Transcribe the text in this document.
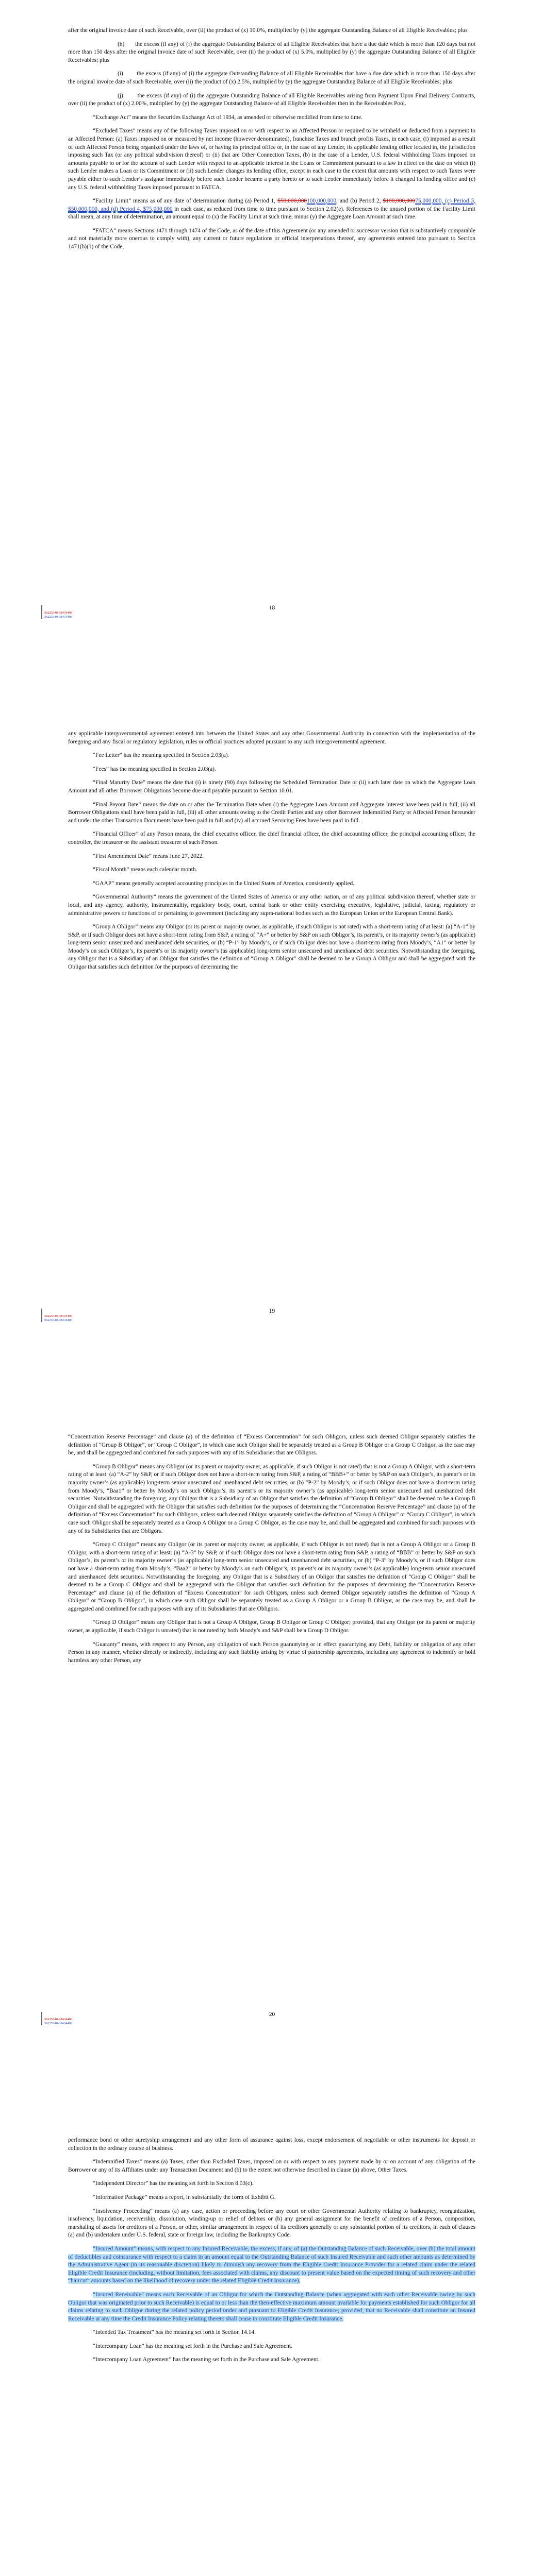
after the original invoice date of such Receivable, over (ii) the product of (x) 10.0%, multiplied by (y) the aggregate Outstanding Balance of all Eligible Receivables; plus

(h)       the excess (if any) of (i) the aggregate Outstanding Balance of all Eligible Receivables that have a due date which is more than 120 days but not more than 150 days after the original invoice date of such Receivable, over (ii) the product of (x) 5.0%, multiplied by (y) the aggregate Outstanding Balance of all Eligible Receivables; plus

(i)        the excess (if any) of (i) the aggregate Outstanding Balance of all Eligible Receivables that have a due date which is more than 150 days after the original invoice date of such Receivable, over (ii) the product of (x) 2.5%, multiplied by (y) the aggregate Outstanding Balance of all Eligible Receivables; plus

(j)        the excess (if any) of (i) the aggregate Outstanding Balance of all Eligible Receivables arising from Payment Upon Final Delivery Contracts, over (ii) the product of (x) 2.00%, multiplied by (y) the aggregate Outstanding Balance of all Eligible Receivables then in the Receivables Pool.

“Exchange Act” means the Securities Exchange Act of 1934, as amended or otherwise modified from time to time.

“Excluded Taxes” means any of the following Taxes imposed on or with respect to an Affected Person or required to be withheld or deducted from a payment to an Affected Person: (a) Taxes imposed on or measured by net income (however denominated), franchise Taxes and branch profits Taxes, in each case, (i) imposed as a result of such Affected Person being organized under the laws of, or having its principal office or, in the case of any Lender, its applicable lending office located in, the jurisdiction imposing such Tax (or any political subdivision thereof) or (ii) that are Other Connection Taxes, (b) in the case of a Lender, U.S. federal withholding Taxes imposed on amounts payable to or for the account of such Lender with respect to an applicable interest in the Loans or Commitment pursuant to a law in effect on the date on which (i) such Lender makes a Loan or its Commitment or (ii) such Lender changes its lending office, except in each case to the extent that amounts with respect to such Taxes were payable either to such Lender’s assignor immediately before such Lender became a party hereto or to such Lender immediately before it changed its lending office and (c) any U.S. federal withholding Taxes imposed pursuant to FATCA.

“Facility Limit” means as of any date of determination during (a) Period 1, $50,000,000100,000,000, and (b) Period 2, $100,000,00075,000,000, (c) Period 3, $50,000,000, and (d) Period 4, $75,000,000 in each case, as reduced from time to time pursuant to Section 2.02(e). References to the unused portion of the Facility Limit shall mean, at any time of determination, an amount equal to (x) the Facility Limit at such time, minus (y) the Aggregate Loan Amount at such time.

“FATCA” means Sections 1471 through 1474 of the Code, as of the date of this Agreement (or any amended or successor version that is substantively comparable and not materially more onerous to comply with), any current or future regulations or official interpretations thereof, any agreements entered into pursuant to Section 1471(b)(1) of the Code,

18
56225340-08434408
56225340-08434408

any applicable intergovernmental agreement entered into between the United States and any other Governmental Authority in connection with the implementation of the foregoing and any fiscal or regulatory legislation, rules or official practices adopted pursuant to any such intergovernmental agreement.

“Fee Letter” has the meaning specified in Section 2.03(a).

“Fees” has the meaning specified in Section 2.03(a).

“Final Maturity Date” means the date that (i) is ninety (90) days following the Scheduled Termination Date or (ii) such later date on which the Aggregate Loan Amount and all other Borrower Obligations become due and payable pursuant to Section 10.01.

“Final Payout Date” means the date on or after the Termination Date when (i) the Aggregate Loan Amount and Aggregate Interest have been paid in full, (ii) all Borrower Obligations shall have been paid in full, (iii) all other amounts owing to the Credit Parties and any other Borrower Indemnified Party or Affected Person hereunder and under the other Transaction Documents have been paid in full and (iv) all accrued Servicing Fees have been paid in full.

“Financial Officer” of any Person means, the chief executive officer, the chief financial officer, the chief accounting officer, the principal accounting officer, the controller, the treasurer or the assistant treasurer of such Person.

“First Amendment Date” means June 27, 2022.

“Fiscal Month” means each calendar month.

“GAAP” means generally accepted accounting principles in the United States of America, consistently applied.

“Governmental Authority” means the government of the United States of America or any other nation, or of any political subdivision thereof, whether state or local, and any agency, authority, instrumentality, regulatory body, court, central bank or other entity exercising executive, legislative, judicial, taxing, regulatory or administrative powers or functions of or pertaining to government (including any supra-national bodies such as the European Union or the European Central Bank).

“Group A Obligor” means any Obligor (or its parent or majority owner, as applicable, if such Obligor is not rated) with a short-term rating of at least: (a) “A-1” by S&P, or if such Obligor does not have a short-term rating from S&P, a rating of “A+” or better by S&P on such Obligor’s, its parent’s, or its majority owner’s (as applicable) long-term senior unsecured and unenhanced debt securities, or (b) “P-1” by Moody’s, or if such Obligor does not have a short-term rating from Moody’s, “A1” or better by Moody’s on such Obligor’s, its parent’s or its majority owner’s (as applicable) long-term senior unsecured and unenhanced debt securities. Notwithstanding the foregoing, any Obligor that is a Subsidiary of an Obligor that satisfies the definition of “Group A Obligor” shall be deemed to be a Group A Obligor and shall be aggregated with the Obligor that satisfies such definition for the purposes of determining the

19
56225340-08434408
56225340-08434408

“Concentration Reserve Percentage” and clause (a) of the definition of “Excess Concentration” for such Obligors, unless such deemed Obligor separately satisfies the definition of “Group B Obligor”, or “Group C Obligor”, in which case such Obligor shall be separately treated as a Group B Obligor or a Group C Obligor, as the case may be, and shall be aggregated and combined for such purposes with any of its Subsidiaries that are Obligors.

“Group B Obligor” means any Obligor (or its parent or majority owner, as applicable, if such Obligor is not rated) that is not a Group A Obligor, with a short-term rating of at least: (a) “A-2” by S&P, or if such Obligor does not have a short-term rating from S&P, a rating of “BBB+” or better by S&P on such Obligor’s, its parent’s or its majority owner’s (as applicable) long-term senior unsecured and unenhanced debt securities, or (b) “P-2” by Moody’s, or if such Obligor does not have a short-term rating from Moody’s, “Baa1” or better by Moody’s on such Obligor’s, its parent’s or its majority owner’s (as applicable) long-term senior unsecured and unenhanced debt securities. Notwithstanding the foregoing, any Obligor that is a Subsidiary of an Obligor that satisfies the definition of “Group B Obligor” shall be deemed to be a Group B Obligor and shall be aggregated with the Obligor that satisfies such definition for the purposes of determining the “Concentration Reserve Percentage” and clause (a) of the definition of “Excess Concentration” for such Obligors, unless such deemed Obligor separately satisfies the definition of “Group A Obligor” or “Group C Obligor”, in which case such Obligor shall be separately treated as a Group A Obligor or a Group C Obligor, as the case may be, and shall be aggregated and combined for such purposes with any of its Subsidiaries that are Obligors.

“Group C Obligor” means any Obligor (or its parent or majority owner, as applicable, if such Obligor is not rated) that is not a Group A Obligor or a Group B Obligor, with a short-term rating of at least: (a) “A-3” by S&P, or if such Obligor does not have a short-term rating from S&P, a rating of “BBB” or better by S&P on such Obligor’s, its parent’s or its majority owner’s (as applicable) long-term senior unsecured and unenhanced debt securities, or (b) “P-3” by Moody’s, or if such Obligor does not have a short-term rating from Moody’s, “Baa2” or better by Moody’s on such Obligor’s, its parent’s or its majority owner’s (as applicable) long-term senior unsecured and unenhanced debt securities. Notwithstanding the foregoing, any Obligor that is a Subsidiary of an Obligor that satisfies the definition of “Group C Obligor” shall be deemed to be a Group C Obligor and shall be aggregated with the Obligor that satisfies such definition for the purposes of determining the “Concentration Reserve Percentage” and clause (a) of the definition of “Excess Concentration” for such Obligors, unless such deemed Obligor separately satisfies the definition of “Group A Obligor” or “Group B Obligor”, in which case such Obligor shall be separately treated as a Group A Obligor or a Group B Obligor, as the case may be, and shall be aggregated and combined for such purposes with any of its Subsidiaries that are Obligors.

“Group D Obligor” means any Obligor that is not a Group A Obligor, Group B Obligor or Group C Obligor; provided, that any Obligor (or its parent or majority owner, as applicable, if such Obligor is unrated) that is not rated by both Moody’s and S&P shall be a Group D Obligor.

“Guaranty” means, with respect to any Person, any obligation of such Person guarantying or in effect guarantying any Debt, liability or obligation of any other Person in any manner, whether directly or indirectly, including any such liability arising by virtue of partnership agreements, including any agreement to indemnify or hold harmless any other Person, any

20
56225340-08434408
56225340-08434408

performance bond or other suretyship arrangement and any other form of assurance against loss, except endorsement of negotiable or other instruments for deposit or collection in the ordinary course of business.

“Indemnified Taxes” means (a) Taxes, other than Excluded Taxes, imposed on or with respect to any payment made by or on account of any obligation of the Borrower or any of its Affiliates under any Transaction Document and (b) to the extent not otherwise described in clause (a) above, Other Taxes.

“Independent Director” has the meaning set forth in Section 8.03(c).

“Information Package” means a report, in substantially the form of Exhibit G.

“Insolvency Proceeding” means (a) any case, action or proceeding before any court or other Governmental Authority relating to bankruptcy, reorganization, insolvency, liquidation, receivership, dissolution, winding-up or relief of debtors or (b) any general assignment for the benefit of creditors of a Person, composition, marshaling of assets for creditors of a Person, or other, similar arrangement in respect of its creditors generally or any substantial portion of its creditors, in each of clauses (a) and (b) undertaken under U.S. federal, state or foreign law, including the Bankruptcy Code.

“Insured Amount” means, with respect to any Insured Receivable, the excess, if any, of (a) the Outstanding Balance of such Receivable, over (b) the total amount of deductibles and coinsurance with respect to a claim in an amount equal to the Outstanding Balance of such Insured Receivable and such other amounts as determined by the Administrative Agent (in its reasonable discretion) likely to diminish any recovery from the Eligible Credit Insurance Provider for a related claim under the related Eligible Credit Insurance (including, without limitation, fees associated with claims, any discount to present value based on the expected timing of such recovery and other “haircut” amounts based on the likelihood of recovery under the related Eligible Credit Insurance).

“Insured Receivable” means each Receivable of an Obligor for which the Outstanding Balance (when aggregated with each other Receivable owing by such Obligor that was originated prior to such Receivable) is equal to or less than the then-effective maximum amount available for payments established for such Obligor for all claims relating to such Obligor during the related policy period under and pursuant to Eligible Credit Insurance; provided, that no Receivable shall constitute an Insured Receivable at any time the Credit Insurance Policy relating thereto shall cease to constitute Eligible Credit Insurance.

“Intended Tax Treatment” has the meaning set forth in Section 14.14.

“Intercompany Loan” has the meaning set forth in the Purchase and Sale Agreement.

“Intercompany Loan Agreement” has the meaning set forth in the Purchase and Sale Agreement.
